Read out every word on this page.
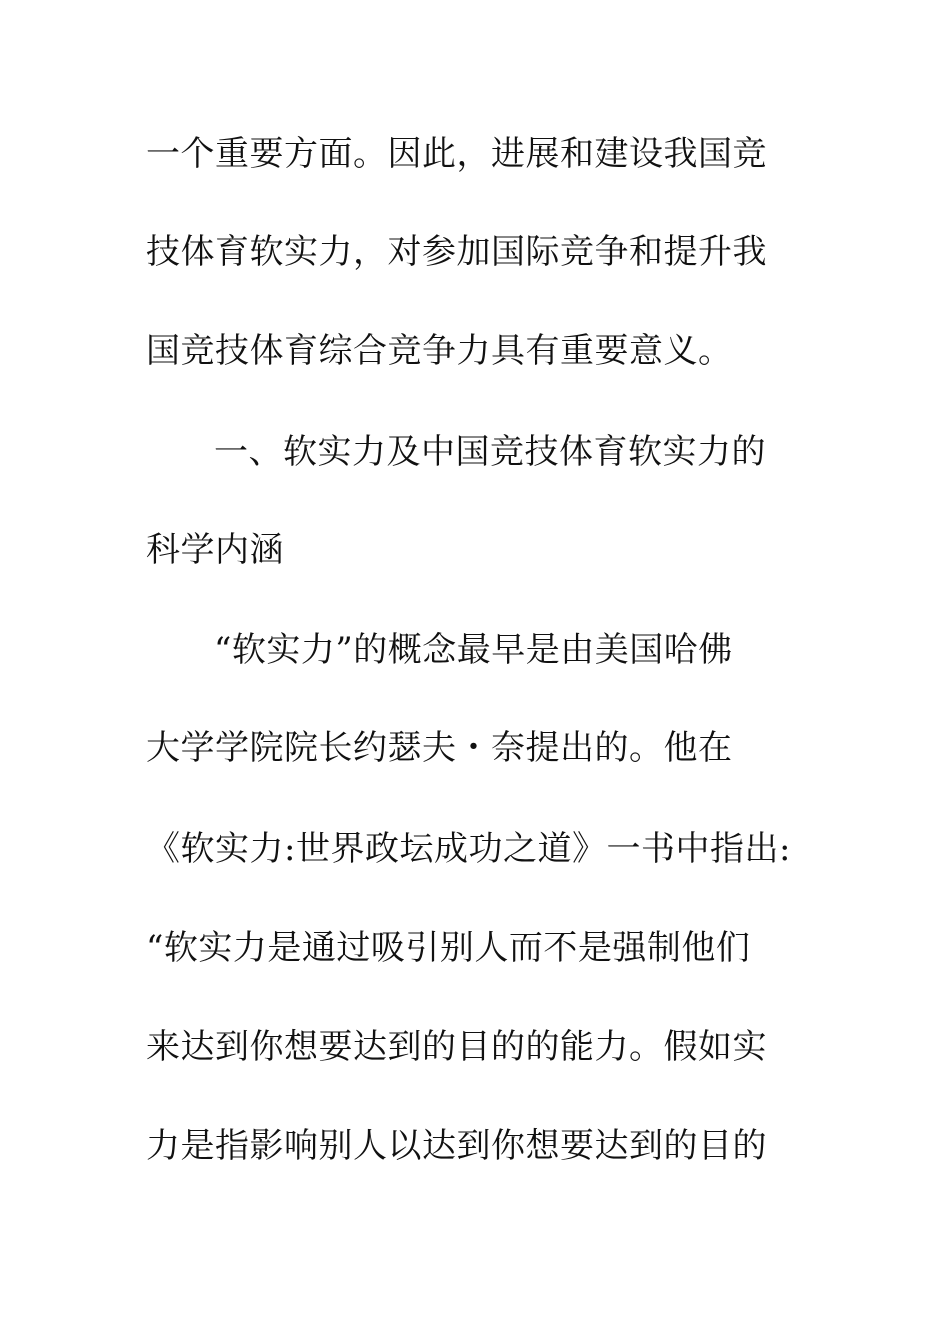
一个重要方面。因此，进展和建设我国竞

技体育软实力，对参加国际竞争和提升我

国竞技体育综合竞争力具有重要意义。

一、软实力及中国竞技体育软实力的

科学内涵

“软实力”的概念最早是由美国哈佛

大学学院院长约瑟夫・奈提出的。他在

《软实力:世界政坛成功之道》一书中指出:

“软实力是通过吸引别人而不是强制他们

来达到你想要达到的目的的能力。假如实

力是指影响别人以达到你想要达到的目的
